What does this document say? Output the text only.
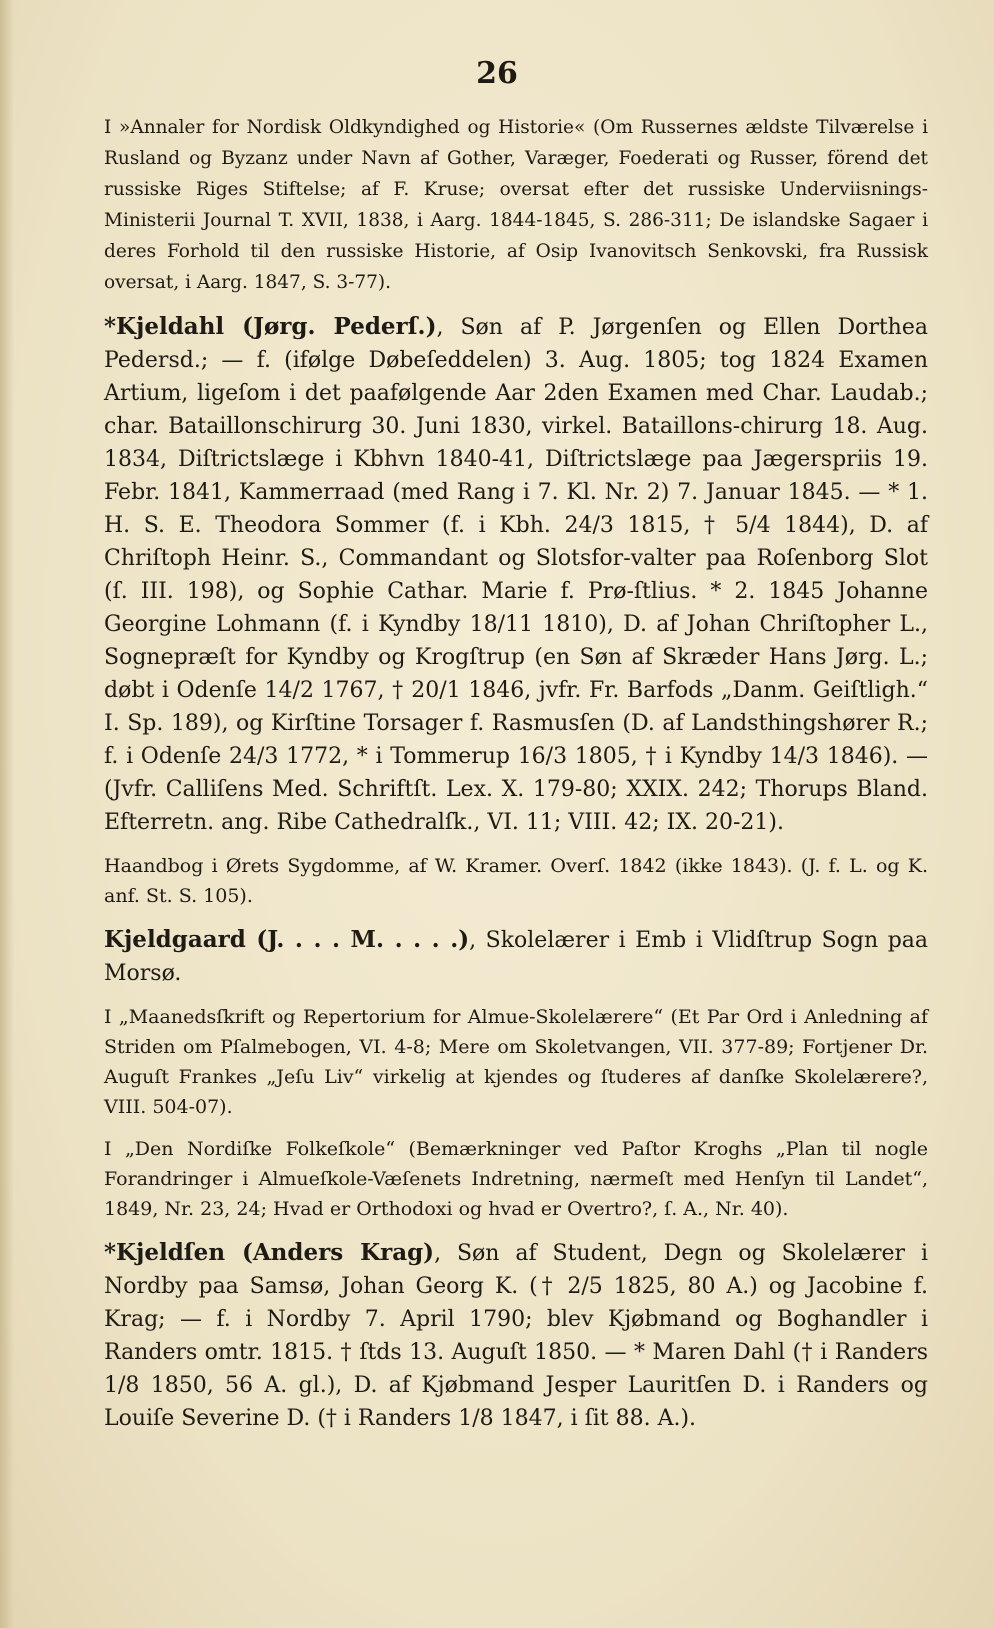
26

I »Annaler for Nordisk Oldkyndighed og Historie« (Om Russernes ældste Tilværelse i Rusland og Byzanz under Navn af Gother, Varæger, Foederati og Russer, förend det russiske Riges Stiftelse; af F. Kruse; oversat efter det russiske Underviisnings-Ministerii Journal T. XVII, 1838, i Aarg. 1844-1845, S. 286-311; De islandske Sagaer i deres Forhold til den russiske Historie, af Osip Ivanovitsch Senkovski, fra Russisk oversat, i Aarg. 1847, S. 3-77).

*Kjeldahl (Jørg. Pederſ.), Søn af P. Jørgenſen og Ellen Dorthea Pedersd.; — f. (ifølge Døbeſeddelen) 3. Aug. 1805; tog 1824 Examen Artium, ligeſom i det paafølgende Aar 2den Examen med Char. Laudab.; char. Bataillonschirurg 30. Juni 1830, virkel. Bataillons-chirurg 18. Aug. 1834, Diſtrictslæge i Kbhvn 1840-41, Diſtrictslæge paa Jægerspriis 19. Febr. 1841, Kammerraad (med Rang i 7. Kl. Nr. 2) 7. Januar 1845. — * 1. H. S. E. Theodora Sommer (f. i Kbh. 24/3 1815, † 5/4 1844), D. af Chriſtoph Heinr. S., Commandant og Slotsfor-valter paa Roſenborg Slot (ſ. III. 198), og Sophie Cathar. Marie f. Prø-ſtlius. * 2. 1845 Johanne Georgine Lohmann (f. i Kyndby 18/11 1810), D. af Johan Chriſtopher L., Sognepræſt for Kyndby og Krogſtrup (en Søn af Skræder Hans Jørg. L.; døbt i Odenſe 14/2 1767, † 20/1 1846, jvfr. Fr. Barfods „Danm. Geiſtligh.“ I. Sp. 189), og Kirſtine Torsager f. Rasmusſen (D. af Landsthingshører R.; f. i Odenſe 24/3 1772, * i Tommerup 16/3 1805, † i Kyndby 14/3 1846). — (Jvfr. Calliſens Med. Schriftſt. Lex. X. 179-80; XXIX. 242; Thorups Bland. Efterretn. ang. Ribe Cathedralſk., VI. 11; VIII. 42; IX. 20-21).

Haandbog i Ørets Sygdomme, af W. Kramer. Overſ. 1842 (ikke 1843). (J. f. L. og K. anf. St. S. 105).

Kjeldgaard (J. . . . M. . . . .), Skolelærer i Emb i Vlidſtrup Sogn paa Morsø.

I „Maanedsſkrift og Repertorium for Almue-Skolelærere“ (Et Par Ord i Anledning af Striden om Pſalmebogen, VI. 4-8; Mere om Skoletvangen, VII. 377-89; Fortjener Dr. Auguſt Frankes „Jeſu Liv“ virkelig at kjendes og ſtuderes af danſke Skolelærere?, VIII. 504-07).

I „Den Nordiſke Folkeſkole“ (Bemærkninger ved Paſtor Kroghs „Plan til nogle Forandringer i Almueſkole-Væſenets Indretning, nærmeſt med Henſyn til Landet“, 1849, Nr. 23, 24; Hvad er Orthodoxi og hvad er Overtro?, ſ. A., Nr. 40).

*Kjeldſen (Anders Krag), Søn af Student, Degn og Skolelærer i Nordby paa Samsø, Johan Georg K. († 2/5 1825, 80 A.) og Jacobine f. Krag; — f. i Nordby 7. April 1790; blev Kjøbmand og Boghandler i Randers omtr. 1815. † ſtds 13. Auguſt 1850. — * Maren Dahl († i Randers 1/8 1850, 56 A. gl.), D. af Kjøbmand Jesper Lauritſen D. i Randers og Louiſe Severine D. († i Randers 1/8 1847, i ſit 88. A.).
